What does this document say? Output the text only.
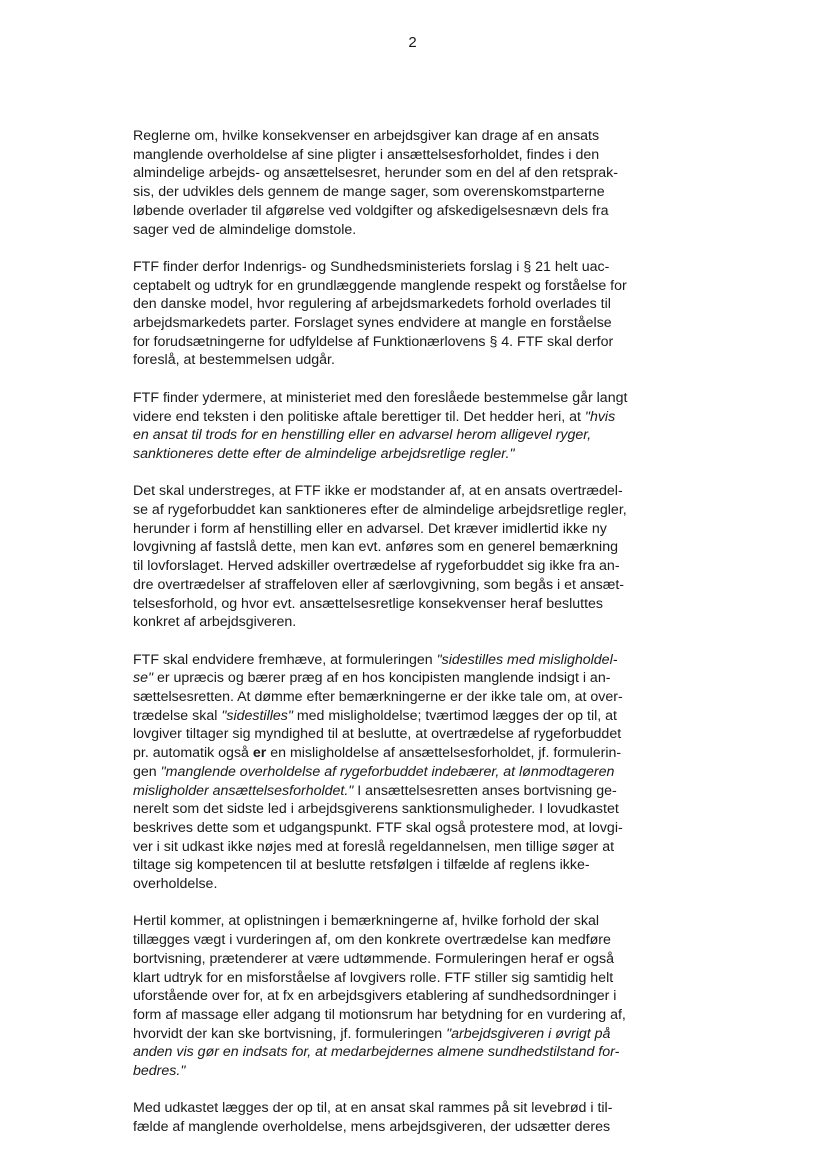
2
Reglerne om, hvilke konsekvenser en arbejdsgiver kan drage af en ansats
manglende overholdelse af sine pligter i ansættelsesforholdet, findes i den
almindelige arbejds- og ansættelsesret, herunder som en del af den retsprak-
sis, der udvikles dels gennem de mange sager, som overenskomstparterne
løbende overlader til afgørelse ved voldgifter og afskedigelsesnævn dels fra
sager ved de almindelige domstole.
FTF finder derfor Indenrigs- og Sundhedsministeriets forslag i § 21 helt uac-
ceptabelt og udtryk for en grundlæggende manglende respekt og forståelse for
den danske model, hvor regulering af arbejdsmarkedets forhold overlades til
arbejdsmarkedets parter. Forslaget synes endvidere at mangle en forståelse
for forudsætningerne for udfyldelse af Funktionærlovens § 4. FTF skal derfor
foreslå, at bestemmelsen udgår.
FTF finder ydermere, at ministeriet med den foreslåede bestemmelse går langt
videre end teksten i den politiske aftale berettiger til. Det hedder heri, at "hvis
en ansat til trods for en henstilling eller en advarsel herom alligevel ryger,
sanktioneres dette efter de almindelige arbejdsretlige regler."
Det skal understreges, at FTF ikke er modstander af, at en ansats overtrædel-
se af rygeforbuddet kan sanktioneres efter de almindelige arbejdsretlige regler,
herunder i form af henstilling eller en advarsel. Det kræver imidlertid ikke ny
lovgivning af fastslå dette, men kan evt. anføres som en generel bemærkning
til lovforslaget. Herved adskiller overtrædelse af rygeforbuddet sig ikke fra an-
dre overtrædelser af straffeloven eller af særlovgivning, som begås i et ansæt-
telsesforhold, og hvor evt. ansættelsesretlige konsekvenser heraf besluttes
konkret af arbejdsgiveren.
FTF skal endvidere fremhæve, at formuleringen "sidestilles med misligholdel-
se" er upræcis og bærer præg af en hos koncipisten manglende indsigt i an-
sættelsesretten. At dømme efter bemærkningerne er der ikke tale om, at over-
trædelse skal "sidestilles" med misligholdelse; tværtimod lægges der op til, at
lovgiver tiltager sig myndighed til at beslutte, at overtrædelse af rygeforbuddet
pr. automatik også er en misligholdelse af ansættelsesforholdet, jf. formulerin-
gen "manglende overholdelse af rygeforbuddet indebærer, at lønmodtageren
misligholder ansættelsesforholdet." I ansættelsesretten anses bortvisning ge-
nerelt som det sidste led i arbejdsgiverens sanktionsmuligheder. I lovudkastet
beskrives dette som et udgangspunkt. FTF skal også protestere mod, at lovgi-
ver i sit udkast ikke nøjes med at foreslå regeldannelsen, men tillige søger at
tiltage sig kompetencen til at beslutte retsfølgen i tilfælde af reglens ikke-
overholdelse.
Hertil kommer, at oplistningen i bemærkningerne af, hvilke forhold der skal
tillægges vægt i vurderingen af, om den konkrete overtrædelse kan medføre
bortvisning, prætenderer at være udtømmende. Formuleringen heraf er også
klart udtryk for en misforståelse af lovgivers rolle. FTF stiller sig samtidig helt
uforstående over for, at fx en arbejdsgivers etablering af sundhedsordninger i
form af massage eller adgang til motionsrum har betydning for en vurdering af,
hvorvidt der kan ske bortvisning, jf. formuleringen "arbejdsgiveren i øvrigt på
anden vis gør en indsats for, at medarbejdernes almene sundhedstilstand for-
bedres."
Med udkastet lægges der op til, at en ansat skal rammes på sit levebrød i til-
fælde af manglende overholdelse, mens arbejdsgiveren, der udsætter deres
